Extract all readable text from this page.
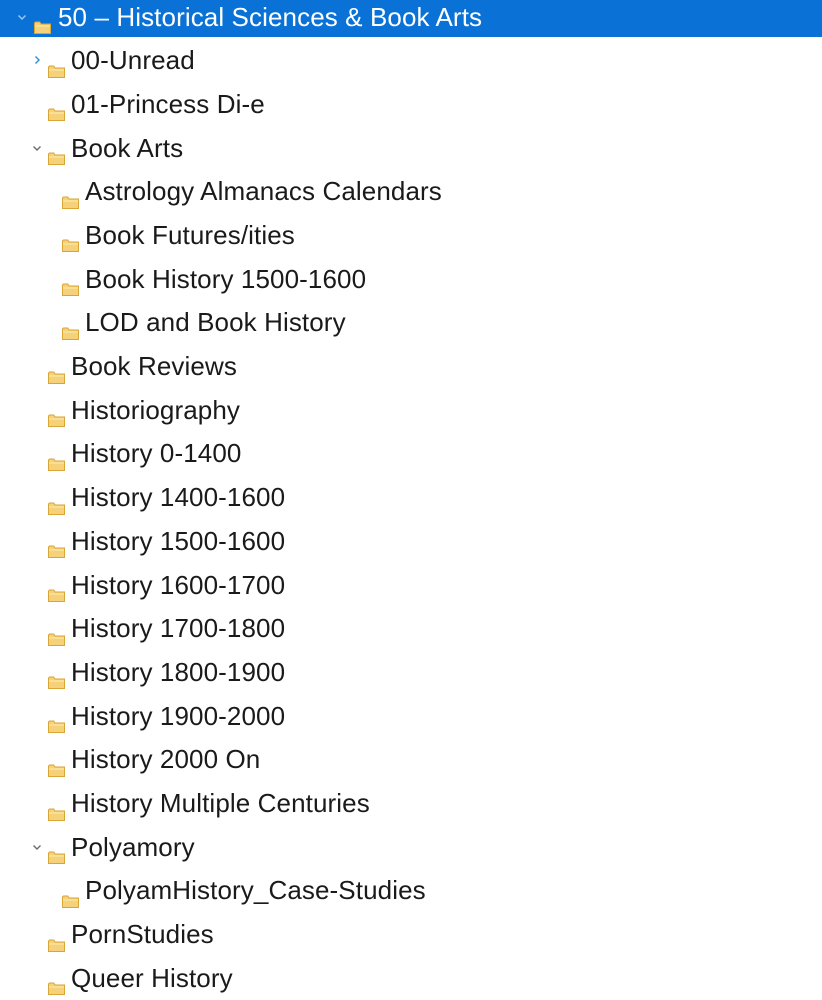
50 – Historical Sciences & Book Arts
00-Unread
01-Princess Di-e
Book Arts
Astrology Almanacs Calendars
Book Futures/ities
Book History 1500-1600
LOD and Book History
Book Reviews
Historiography
History 0-1400
History 1400-1600
History 1500-1600
History 1600-1700
History 1700-1800
History 1800-1900
History 1900-2000
History 2000 On
History Multiple Centuries
Polyamory
PolyamHistory_Case-Studies
PornStudies
Queer History
